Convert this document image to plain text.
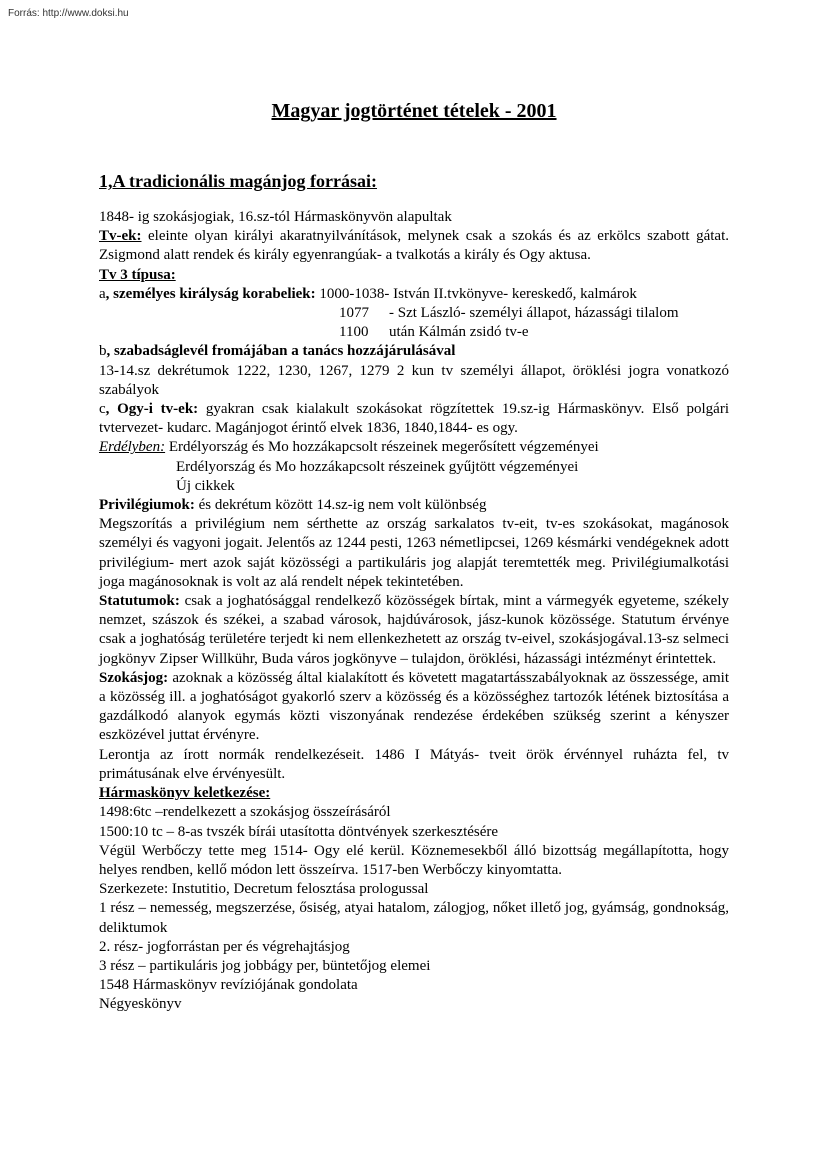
Forrás: http://www.doksi.hu
Magyar jogtörténet tételek - 2001
1,A tradicionális magánjog forrásai:

1848- ig szokásjogiak, 16.sz-tól Hármaskönyvön alapultak

Tv-ek: eleinte olyan királyi akaratnyilvánítások, melynek csak a szokás és az erkölcs szabott gátat. Zsigmond alatt rendek és király egyenrangúak- a tvalkotás a király és Ogy aktusa.

Tv 3 típusa:

a, személyes királyság korabeliek: 1000-1038- István II.tvkönyve- kereskedő, kalmárok

1077	- Szt László- személyi állapot, házassági tilalom
1100	után Kálmán zsidó tv-e

b, szabadságlevél fromájában a tanács hozzájárulásával

13-14.sz dekrétumok 1222, 1230, 1267, 1279 2 kun tv személyi állapot, öröklési jogra vonatkozó szabályok

c, Ogy-i tv-ek: gyakran csak kialakult szokásokat rögzítettek 19.sz-ig Hármaskönyv. Első polgári tvtervezet- kudarc. Magánjogot érintő elvek 1836, 1840,1844- es ogy.

Erdélyben: Erdélyország és Mo hozzákapcsolt részeinek megerősített végzeményei

Erdélyország és Mo hozzákapcsolt részeinek gyűjtött végzeményei

Új cikkek

Privilégiumok: és dekrétum között 14.sz-ig nem volt különbség

Megszorítás a privilégium nem sérthette az ország sarkalatos tv-eit, tv-es szokásokat, magánosok személyi és vagyoni jogait. Jelentős az 1244 pesti, 1263 németlipcsei, 1269 késmárki vendégeknek adott privilégium- mert azok saját közösségi a partikuláris jog alapját teremtették meg. Privilégiumalkotási joga magánosoknak is volt az alá rendelt népek tekintetében.

Statutumok: csak a joghatósággal rendelkező közösségek bírtak, mint a vármegyék egyeteme, székely nemzet, szászok és székei, a szabad városok, hajdúvárosok, jász-kunok közössége. Statutum érvénye csak a joghatóság területére terjedt ki nem ellenkezhetett az ország tv-eivel, szokásjogával.13-sz selmeci jogkönyv Zipser Willkühr, Buda város jogkönyve – tulajdon, öröklési, házassági intézményt érintettek.

Szokásjog: azoknak a közösség által kialakított és követett magatartásszabályoknak az összessége, amit a közösség ill. a joghatóságot gyakorló szerv a közösség és a közösséghez tartozók létének biztosítása a gazdálkodó alanyok egymás közti viszonyának rendezése érdekében szükség szerint a kényszer eszközével juttat érvényre.

Lerontja az írott normák rendelkezéseit. 1486 I Mátyás- tveit örök érvénnyel ruházta fel, tv primátusának elve érvényesült.

Hármaskönyv keletkezése:

1498:6tc –rendelkezett a szokásjog összeírásáról

1500:10 tc – 8-as tvszék bírái utasította döntvények szerkesztésére

Végül Werbőczy tette meg 1514- Ogy elé kerül. Köznemesekből álló bizottság megállapította, hogy helyes rendben, kellő módon lett összeírva. 1517-ben Werbőczy kinyomtatta.

Szerkezete: Instutitio, Decretum felosztása prologussal

1 rész – nemesség, megszerzése, ősiség, atyai hatalom, zálogjog, nőket illető jog, gyámság, gondnokság, deliktumok

2. rész- jogforrástan per és végrehajtásjog

3 rész – partikuláris jog jobbágy per, büntetőjog elemei

1548 Hármaskönyv revíziójának gondolata

Négyeskönyv
